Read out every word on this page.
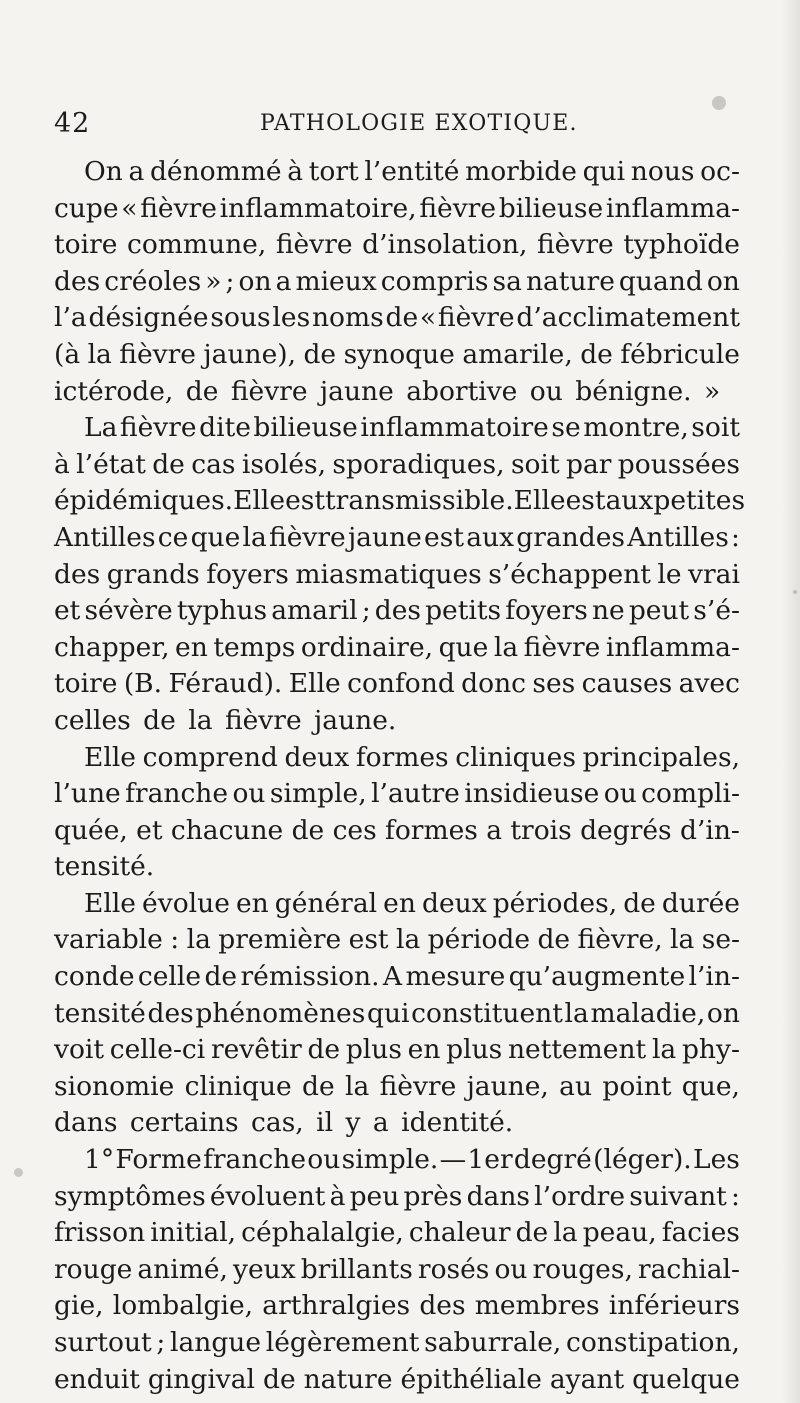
42	PATHOLOGIE EXOTIQUE.
On a dénommé à tort l’entité morbide qui nous oc-
cupe « fièvre inflammatoire, fièvre bilieuse inflamma-
toire commune, fièvre d’insolation, fièvre typhoïde
des créoles » ; on a mieux compris sa nature quand on
l’a désignée sous les noms de « fièvre d’acclimatement
(à la fièvre jaune), de synoque amarile, de fébricule
ictérode, de fièvre jaune abortive ou bénigne. »
La fièvre dite bilieuse inflammatoire se montre, soit
à l’état de cas isolés, sporadiques, soit par poussées
épidémiques. Elle est transmissible. Elle est aux petites
Antilles ce que la fièvre jaune est aux grandes Antilles :
des grands foyers miasmatiques s’échappent le vrai
et sévère typhus amaril ; des petits foyers ne peut s’é-
chapper, en temps ordinaire, que la fièvre inflamma-
toire (B. Féraud). Elle confond donc ses causes avec
celles de la fièvre jaune.
Elle comprend deux formes cliniques principales,
l’une franche ou simple, l’autre insidieuse ou compli-
quée, et chacune de ces formes a trois degrés d’in-
tensité.
Elle évolue en général en deux périodes, de durée
variable : la première est la période de fièvre, la se-
conde celle de rémission. A mesure qu’augmente l’in-
tensité des phénomènes qui constituent la maladie, on
voit celle-ci revêtir de plus en plus nettement la phy-
sionomie clinique de la fièvre jaune, au point que,
dans certains cas, il y a identité.
1° Forme franche ou simple. — 1er degré (léger). Les
symptômes évoluent à peu près dans l’ordre suivant :
frisson initial, céphalalgie, chaleur de la peau, facies
rouge animé, yeux brillants rosés ou rouges, rachial-
gie, lombalgie, arthralgies des membres inférieurs
surtout ; langue légèrement saburrale, constipation,
enduit gingival de nature épithéliale ayant quelque
